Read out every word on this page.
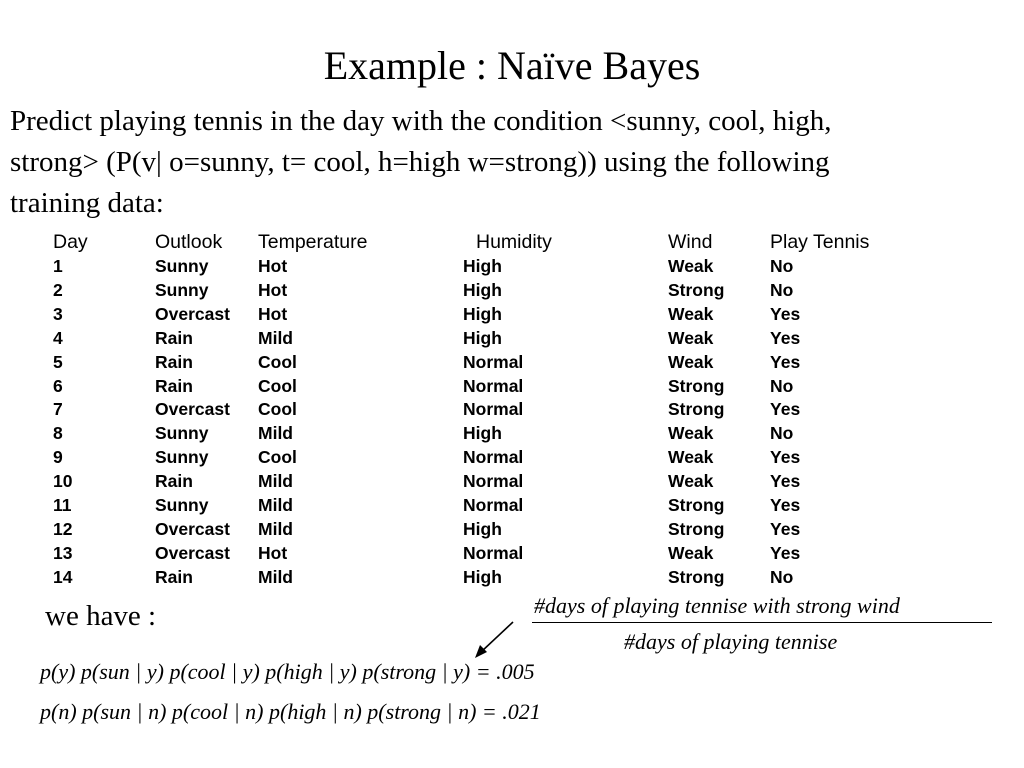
Example : Naïve Bayes
Predict playing tennis in the day with the condition <sunny, cool, high,
strong> (P(v| o=sunny, t= cool, h=high w=strong)) using the following
training data:
Day	Outlook	Temperature	Humidity	Wind	Play Tennis
1	Sunny	Hot	High	Weak	No
2	Sunny	Hot	High	Strong	No
3	Overcast	Hot	High	Weak	Yes
4	Rain	Mild	High	Weak	Yes
5	Rain	Cool	Normal	Weak	Yes
6	Rain	Cool	Normal	Strong	No
7	Overcast	Cool	Normal	Strong	Yes
8	Sunny	Mild	High	Weak	No
9	Sunny	Cool	Normal	Weak	Yes
10	Rain	Mild	Normal	Weak	Yes
11	Sunny	Mild	Normal	Strong	Yes
12	Overcast	Mild	High	Strong	Yes
13	Overcast	Hot	Normal	Weak	Yes
14	Rain	Mild	High	Strong	No
we have :	#days of playing tennise with strong wind
#days of playing tennise
p(y) p(sun | y) p(cool | y) p(high | y) p(strong | y) = .005
p(n) p(sun | n) p(cool | n) p(high | n) p(strong | n) = .021
